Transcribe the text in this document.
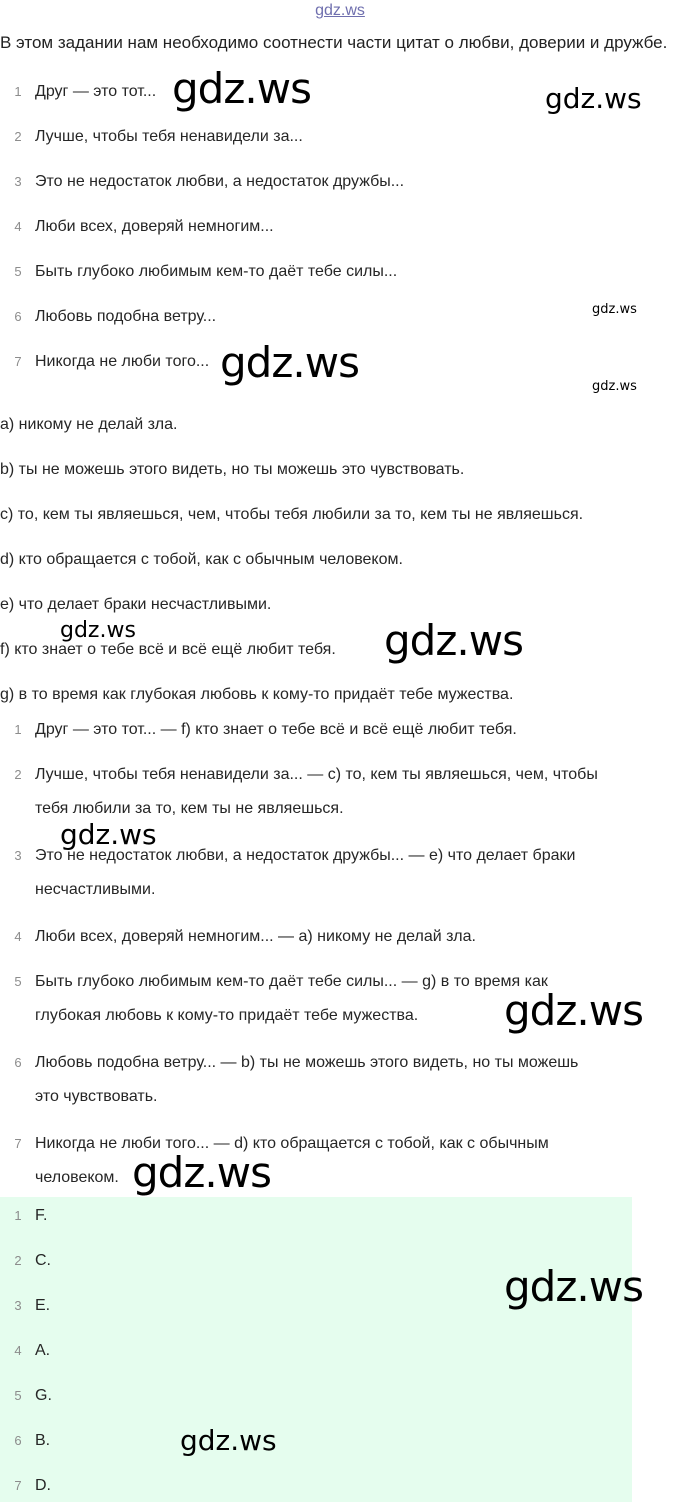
gdz.ws
В этом задании нам необходимо соотнести части цитат о любви, доверии и дружбе.
1 Друг — это тот...
2 Лучше, чтобы тебя ненавидели за...
3 Это не недостаток любви, а недостаток дружбы...
4 Люби всех, доверяй немногим...
5 Быть глубоко любимым кем-то даёт тебе силы...
6 Любовь подобна ветру...
7 Никогда не люби того...
a) никому не делай зла.
b) ты не можешь этого видеть, но ты можешь это чувствовать.
c) то, кем ты являешься, чем, чтобы тебя любили за то, кем ты не являешься.
d) кто обращается с тобой, как с обычным человеком.
e) что делает браки несчастливыми.
f) кто знает о тебе всё и всё ещё любит тебя.
g) в то время как глубокая любовь к кому-то придаёт тебе мужества.
1 Друг — это тот... — f) кто знает о тебе всё и всё ещё любит тебя.
2 Лучше, чтобы тебя ненавидели за... — c) то, кем ты являешься, чем, чтобы
тебя любили за то, кем ты не являешься.
3 Это не недостаток любви, а недостаток дружбы... — e) что делает браки
несчастливыми.
4 Люби всех, доверяй немногим... — a) никому не делай зла.
5 Быть глубоко любимым кем-то даёт тебе силы... — g) в то время как
глубокая любовь к кому-то придаёт тебе мужества.
6 Любовь подобна ветру... — b) ты не можешь этого видеть, но ты можешь
это чувствовать.
7 Никогда не люби того... — d) кто обращается с тобой, как с обычным
человеком.
1 F.
2 C.
3 E.
4 A.
5 G.
6 B.
7 D.
gdz.ws	gdz.ws
gdz.ws
gdz.ws	gdz.ws
gdz.ws	gdz.ws
gdz.ws
gdz.ws
gdz.ws
gdz.ws
gdz.ws
